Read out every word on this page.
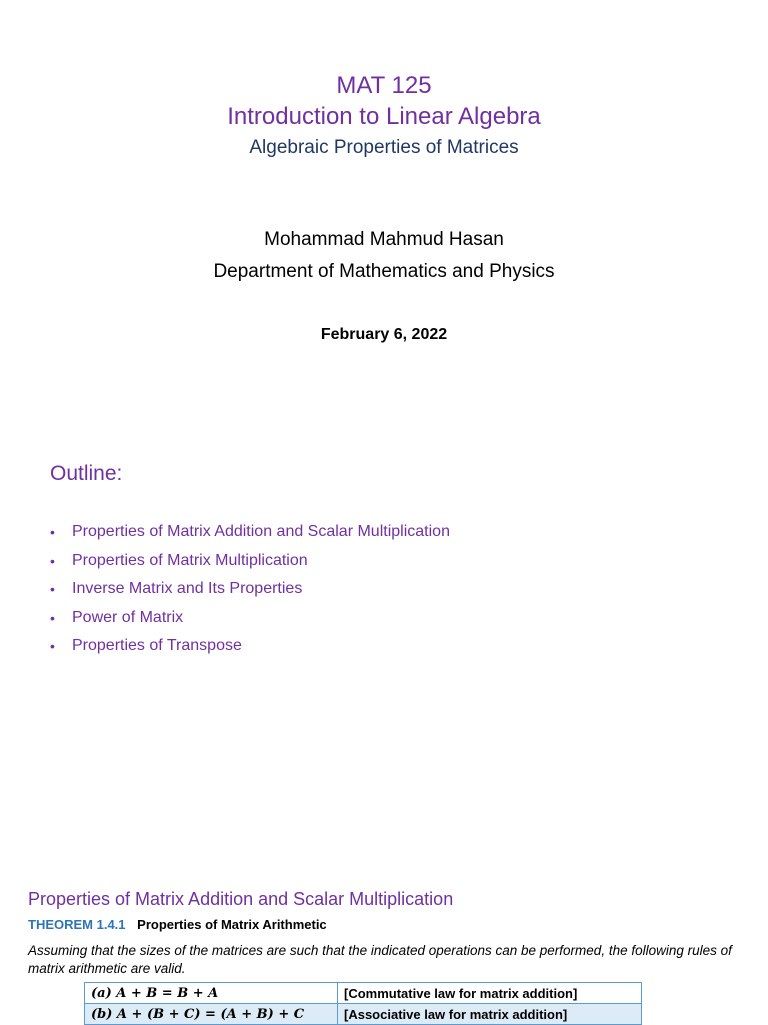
MAT 125
Introduction to Linear Algebra
Algebraic Properties of Matrices
Mohammad Mahmud Hasan
Department of Mathematics and Physics
February 6, 2022
Outline:
•	Properties of Matrix Addition and Scalar Multiplication
•	Properties of Matrix Multiplication
•	Inverse Matrix and Its Properties
•	Power of Matrix
•	Properties of Transpose
Properties of Matrix Addition and Scalar Multiplication
THEOREM 1.4.1 Properties of Matrix Arithmetic
Assuming that the sizes of the matrices are such that the indicated operations can be performed, the following rules of matrix arithmetic are valid.
(a) A + B = B + A	[Commutative law for matrix addition]
(b) A + (B + C) = (A + B) + C	[Associative law for matrix addition]
